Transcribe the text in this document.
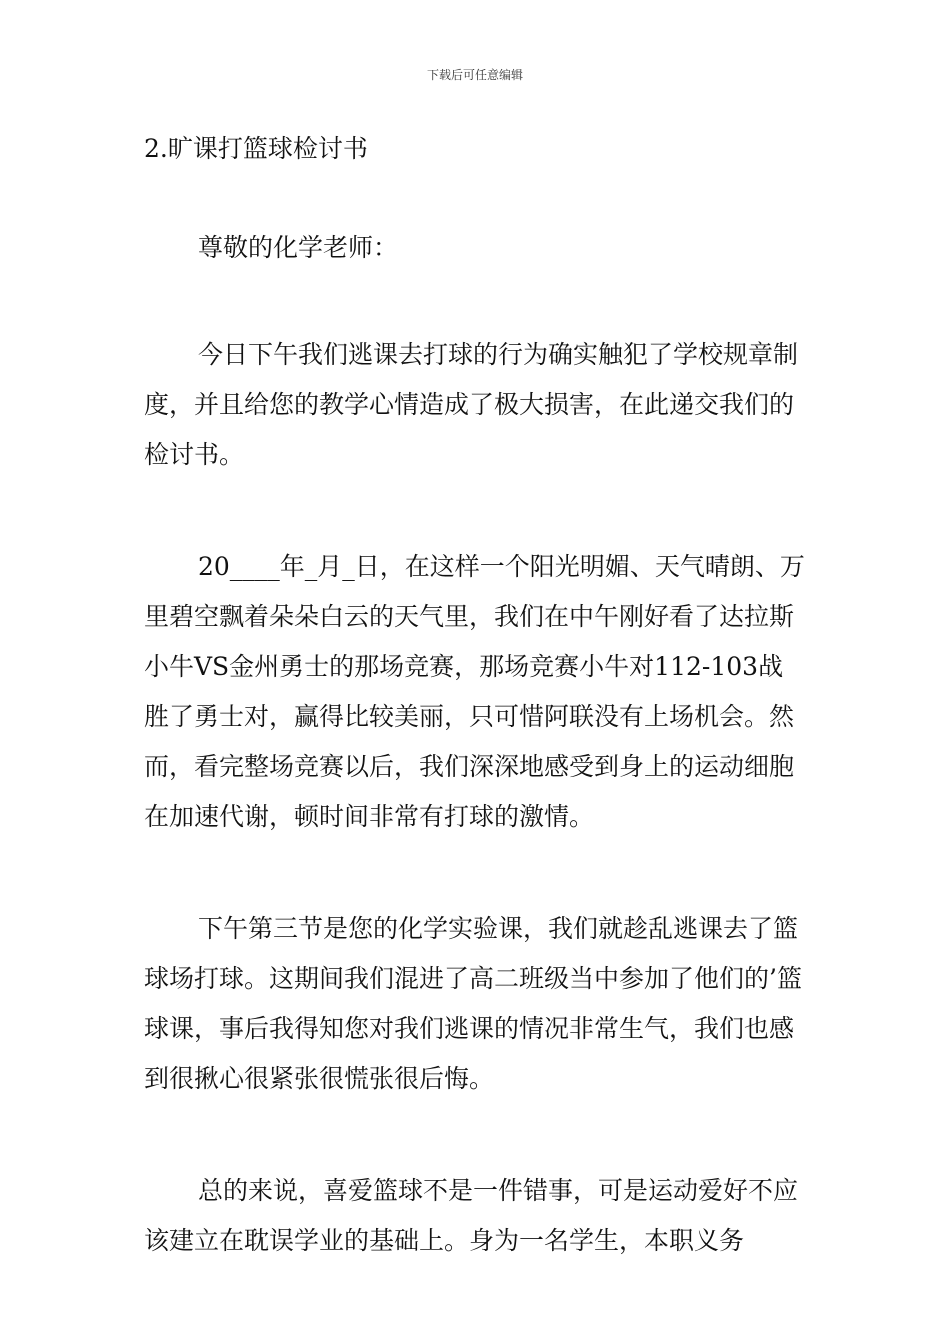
下载后可任意编辑
2.旷课打篮球检讨书
尊敬的化学老师：

今日下午我们逃课去打球的行为确实触犯了学校规章制度，并且给您的教学心情造成了极大损害，在此递交我们的检讨书。

20____年_月_日，在这样一个阳光明媚、天气晴朗、万里碧空飘着朵朵白云的天气里，我们在中午刚好看了达拉斯小牛VS金州勇士的那场竞赛，那场竞赛小牛对112-103战胜了勇士对，赢得比较美丽，只可惜阿联没有上场机会。然而，看完整场竞赛以后，我们深深地感受到身上的运动细胞在加速代谢，顿时间非常有打球的激情。

下午第三节是您的化学实验课，我们就趁乱逃课去了篮球场打球。这期间我们混进了高二班级当中参加了他们的’篮球课，事后我得知您对我们逃课的情况非常生气，我们也感到很揪心很紧张很慌张很后悔。

总的来说，喜爱篮球不是一件错事，可是运动爱好不应该建立在耽误学业的基础上。身为一名学生，本职义务
